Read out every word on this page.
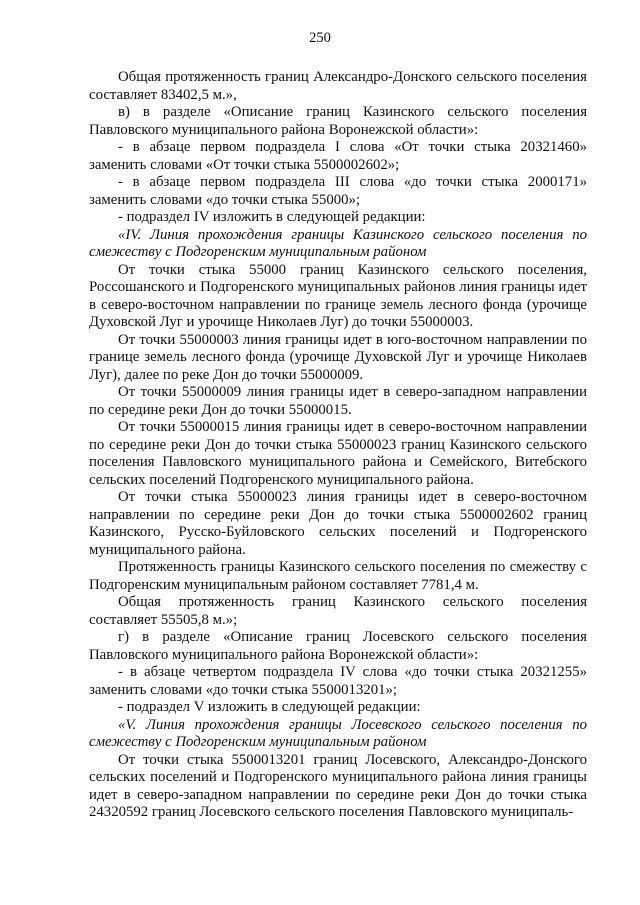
250

Общая протяженность границ Александро-Донского сельского поселения составляет 83402,5 м.»,

в) в разделе «Описание границ Казинского сельского поселения Павловского муниципального района Воронежской области»:

- в абзаце первом подраздела I слова «От точки стыка 20321460» заменить словами «От точки стыка 5500002602»;

- в абзаце первом подраздела III слова «до точки стыка 2000171» заменить словами «до точки стыка 55000»;

- подраздел IV изложить в следующей редакции:

«IV. Линия прохождения границы Казинского сельского поселения по смежеству с Подгоренским муниципальным районом

От точки стыка 55000 границ Казинского сельского поселения, Россошанского и Подгоренского муниципальных районов линия границы идет в северо-восточном направлении по границе земель лесного фонда (урочище Духовской Луг и урочище Николаев Луг) до точки 55000003.

От точки 55000003 линия границы идет в юго-восточном направлении по границе земель лесного фонда (урочище Духовской Луг и урочище Николаев Луг), далее по реке Дон до точки 55000009.

От точки 55000009 линия границы идет в северо-западном направлении по середине реки Дон до точки 55000015.

От точки 55000015 линия границы идет в северо-восточном направлении по середине реки Дон до точки стыка 55000023 границ Казинского сельского поселения Павловского муниципального района и Семейского, Витебского сельских поселений Подгоренского муниципального района.

От точки стыка 55000023 линия границы идет в северо-восточном направлении по середине реки Дон до точки стыка 5500002602 границ Казинского, Русско-Буйловского сельских поселений и Подгоренского муниципального района.

Протяженность границы Казинского сельского поселения по смежеству с Подгоренским муниципальным районом составляет 7781,4 м.

Общая протяженность границ Казинского сельского поселения составляет 55505,8 м.»;

г) в разделе «Описание границ Лосевского сельского поселения Павловского муниципального района Воронежской области»:

- в абзаце четвертом подраздела IV слова «до точки стыка 20321255» заменить словами «до точки стыка 5500013201»;

- подраздел V изложить в следующей редакции:

«V. Линия прохождения границы Лосевского сельского поселения по смежеству с Подгоренским муниципальным районом

От точки стыка 5500013201 границ Лосевского, Александро-Донского сельских поселений и Подгоренского муниципального района линия границы идет в северо-западном направлении по середине реки Дон до точки стыка 24320592 границ Лосевского сельского поселения Павловского муниципаль-
